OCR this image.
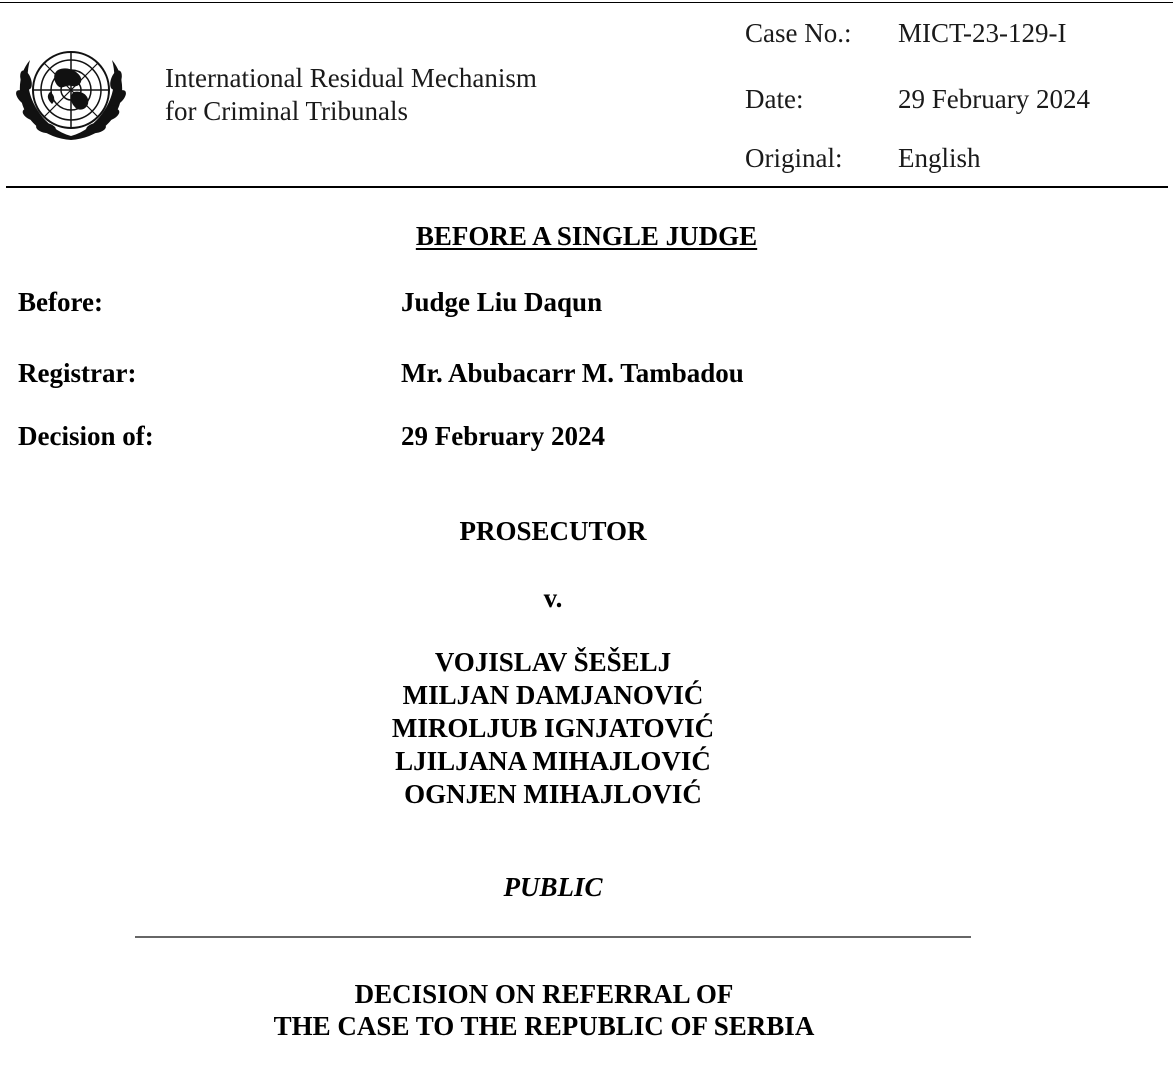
International Residual Mechanism
for Criminal Tribunals
Case No.: MICT-23-129-I
Date:	29 February 2024
Original: English
BEFORE A SINGLE JUDGE
Before:	Judge Liu Daqun
Registrar:	Mr. Abubacarr M. Tambadou
Decision of:	29 February 2024
PROSECUTOR
v.
VOJISLAV ŠEŠELJ
MILJAN DAMJANOVIĆ
MIROLJUB IGNJATOVIĆ
LJILJANA MIHAJLOVIĆ
OGNJEN MIHAJLOVIĆ
PUBLIC
DECISION ON REFERRAL OF
THE CASE TO THE REPUBLIC OF SERBIA
